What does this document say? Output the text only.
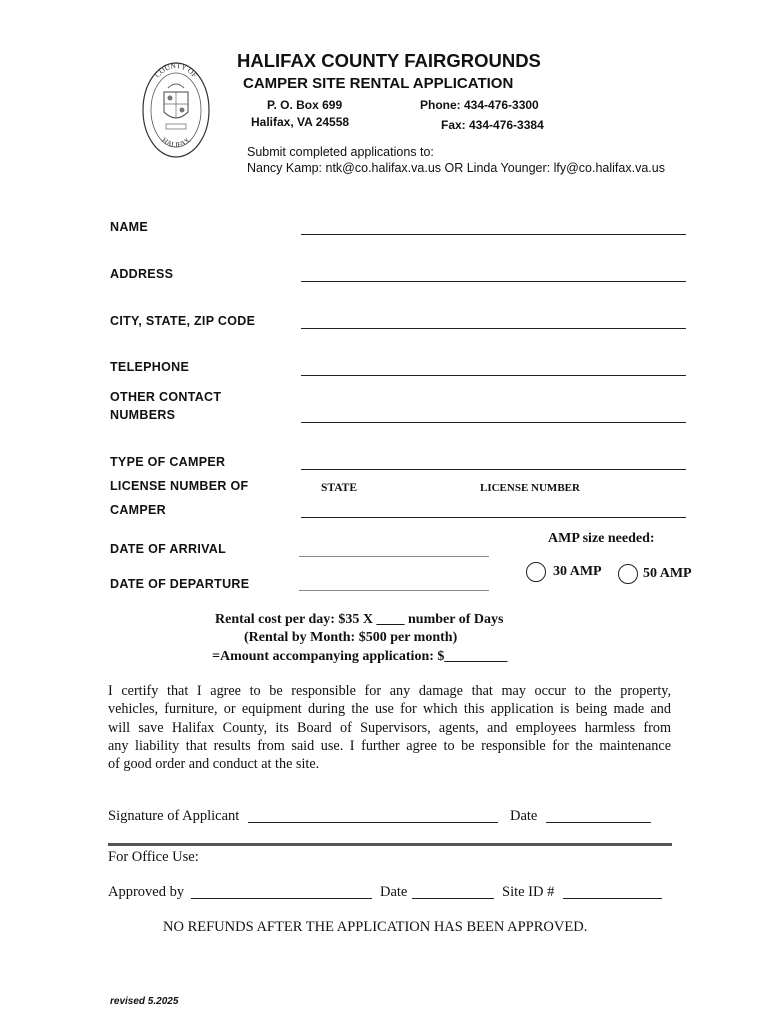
COUNTY OF
HALIFAX
HALIFAX COUNTY FAIRGROUNDS
CAMPER SITE RENTAL APPLICATION
P. O. Box 699
Halifax, VA 24558
Phone: 434-476-3300
Fax: 434-476-3384
Submit completed applications to:
Nancy Kamp: ntk@co.halifax.va.us OR Linda Younger: lfy@co.halifax.va.us
NAME
ADDRESS
CITY, STATE, ZIP CODE
TELEPHONE
OTHER CONTACT
NUMBERS
TYPE OF CAMPER
LICENSE NUMBER OF
CAMPER
STATE	LICENSE NUMBER
DATE OF ARRIVAL
DATE OF DEPARTURE
AMP size needed:
30 AMP	50 AMP
Rental cost per day: $35 X ____ number of Days
(Rental by Month: $500 per month)
=Amount accompanying application: $_________
I certify that I agree to be responsible for any damage that may occur to the property,
vehicles, furniture, or equipment during the use for which this application is being made and
will save Halifax County, its Board of Supervisors, agents, and employees harmless from
any liability that results from said use. I further agree to be responsible for the maintenance
of good order and conduct at the site.
Signature of Applicant	Date
For Office Use:
Approved by	Date	Site ID #
NO REFUNDS AFTER THE APPLICATION HAS BEEN APPROVED.
revised 5.2025
